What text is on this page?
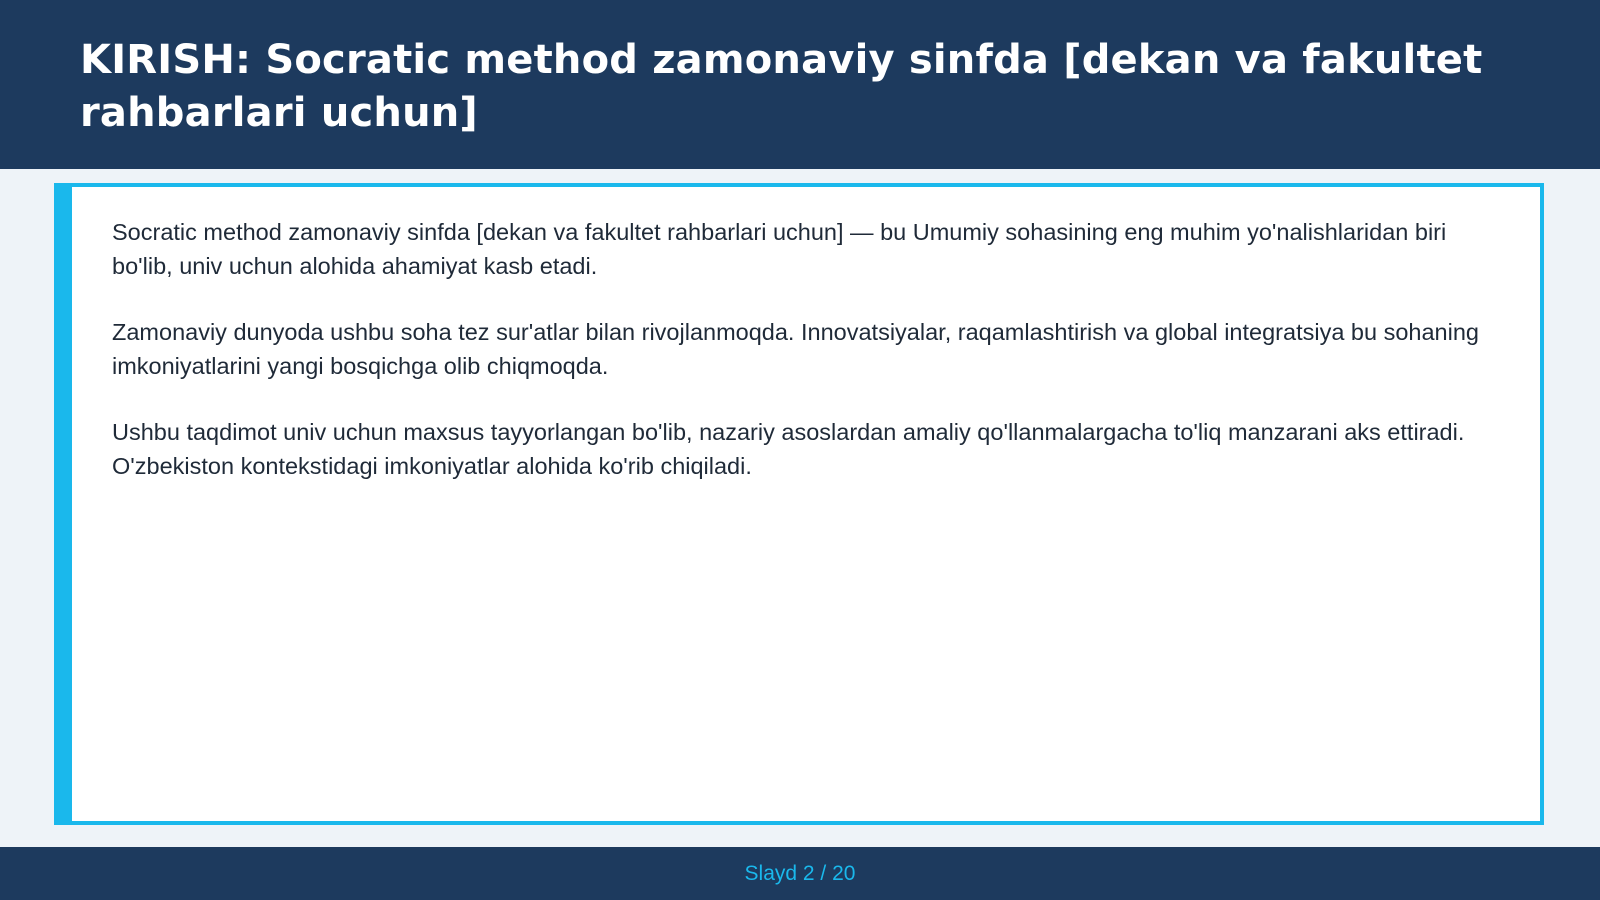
KIRISH: Socratic method zamonaviy sinfda [dekan va fakultet rahbarlari uchun]

Socratic method zamonaviy sinfda [dekan va fakultet rahbarlari uchun] — bu Umumiy sohasining eng muhim yo'nalishlaridan biri bo'lib, univ uchun alohida ahamiyat kasb etadi.

Zamonaviy dunyoda ushbu soha tez sur'atlar bilan rivojlanmoqda. Innovatsiyalar, raqamlashtirish va global integratsiya bu sohaning imkoniyatlarini yangi bosqichga olib chiqmoqda.

Ushbu taqdimot univ uchun maxsus tayyorlangan bo'lib, nazariy asoslardan amaliy qo'llanmalargacha to'liq manzarani aks ettiradi. O'zbekiston kontekstidagi imkoniyatlar alohida ko'rib chiqiladi.

Slayd 2 / 20
